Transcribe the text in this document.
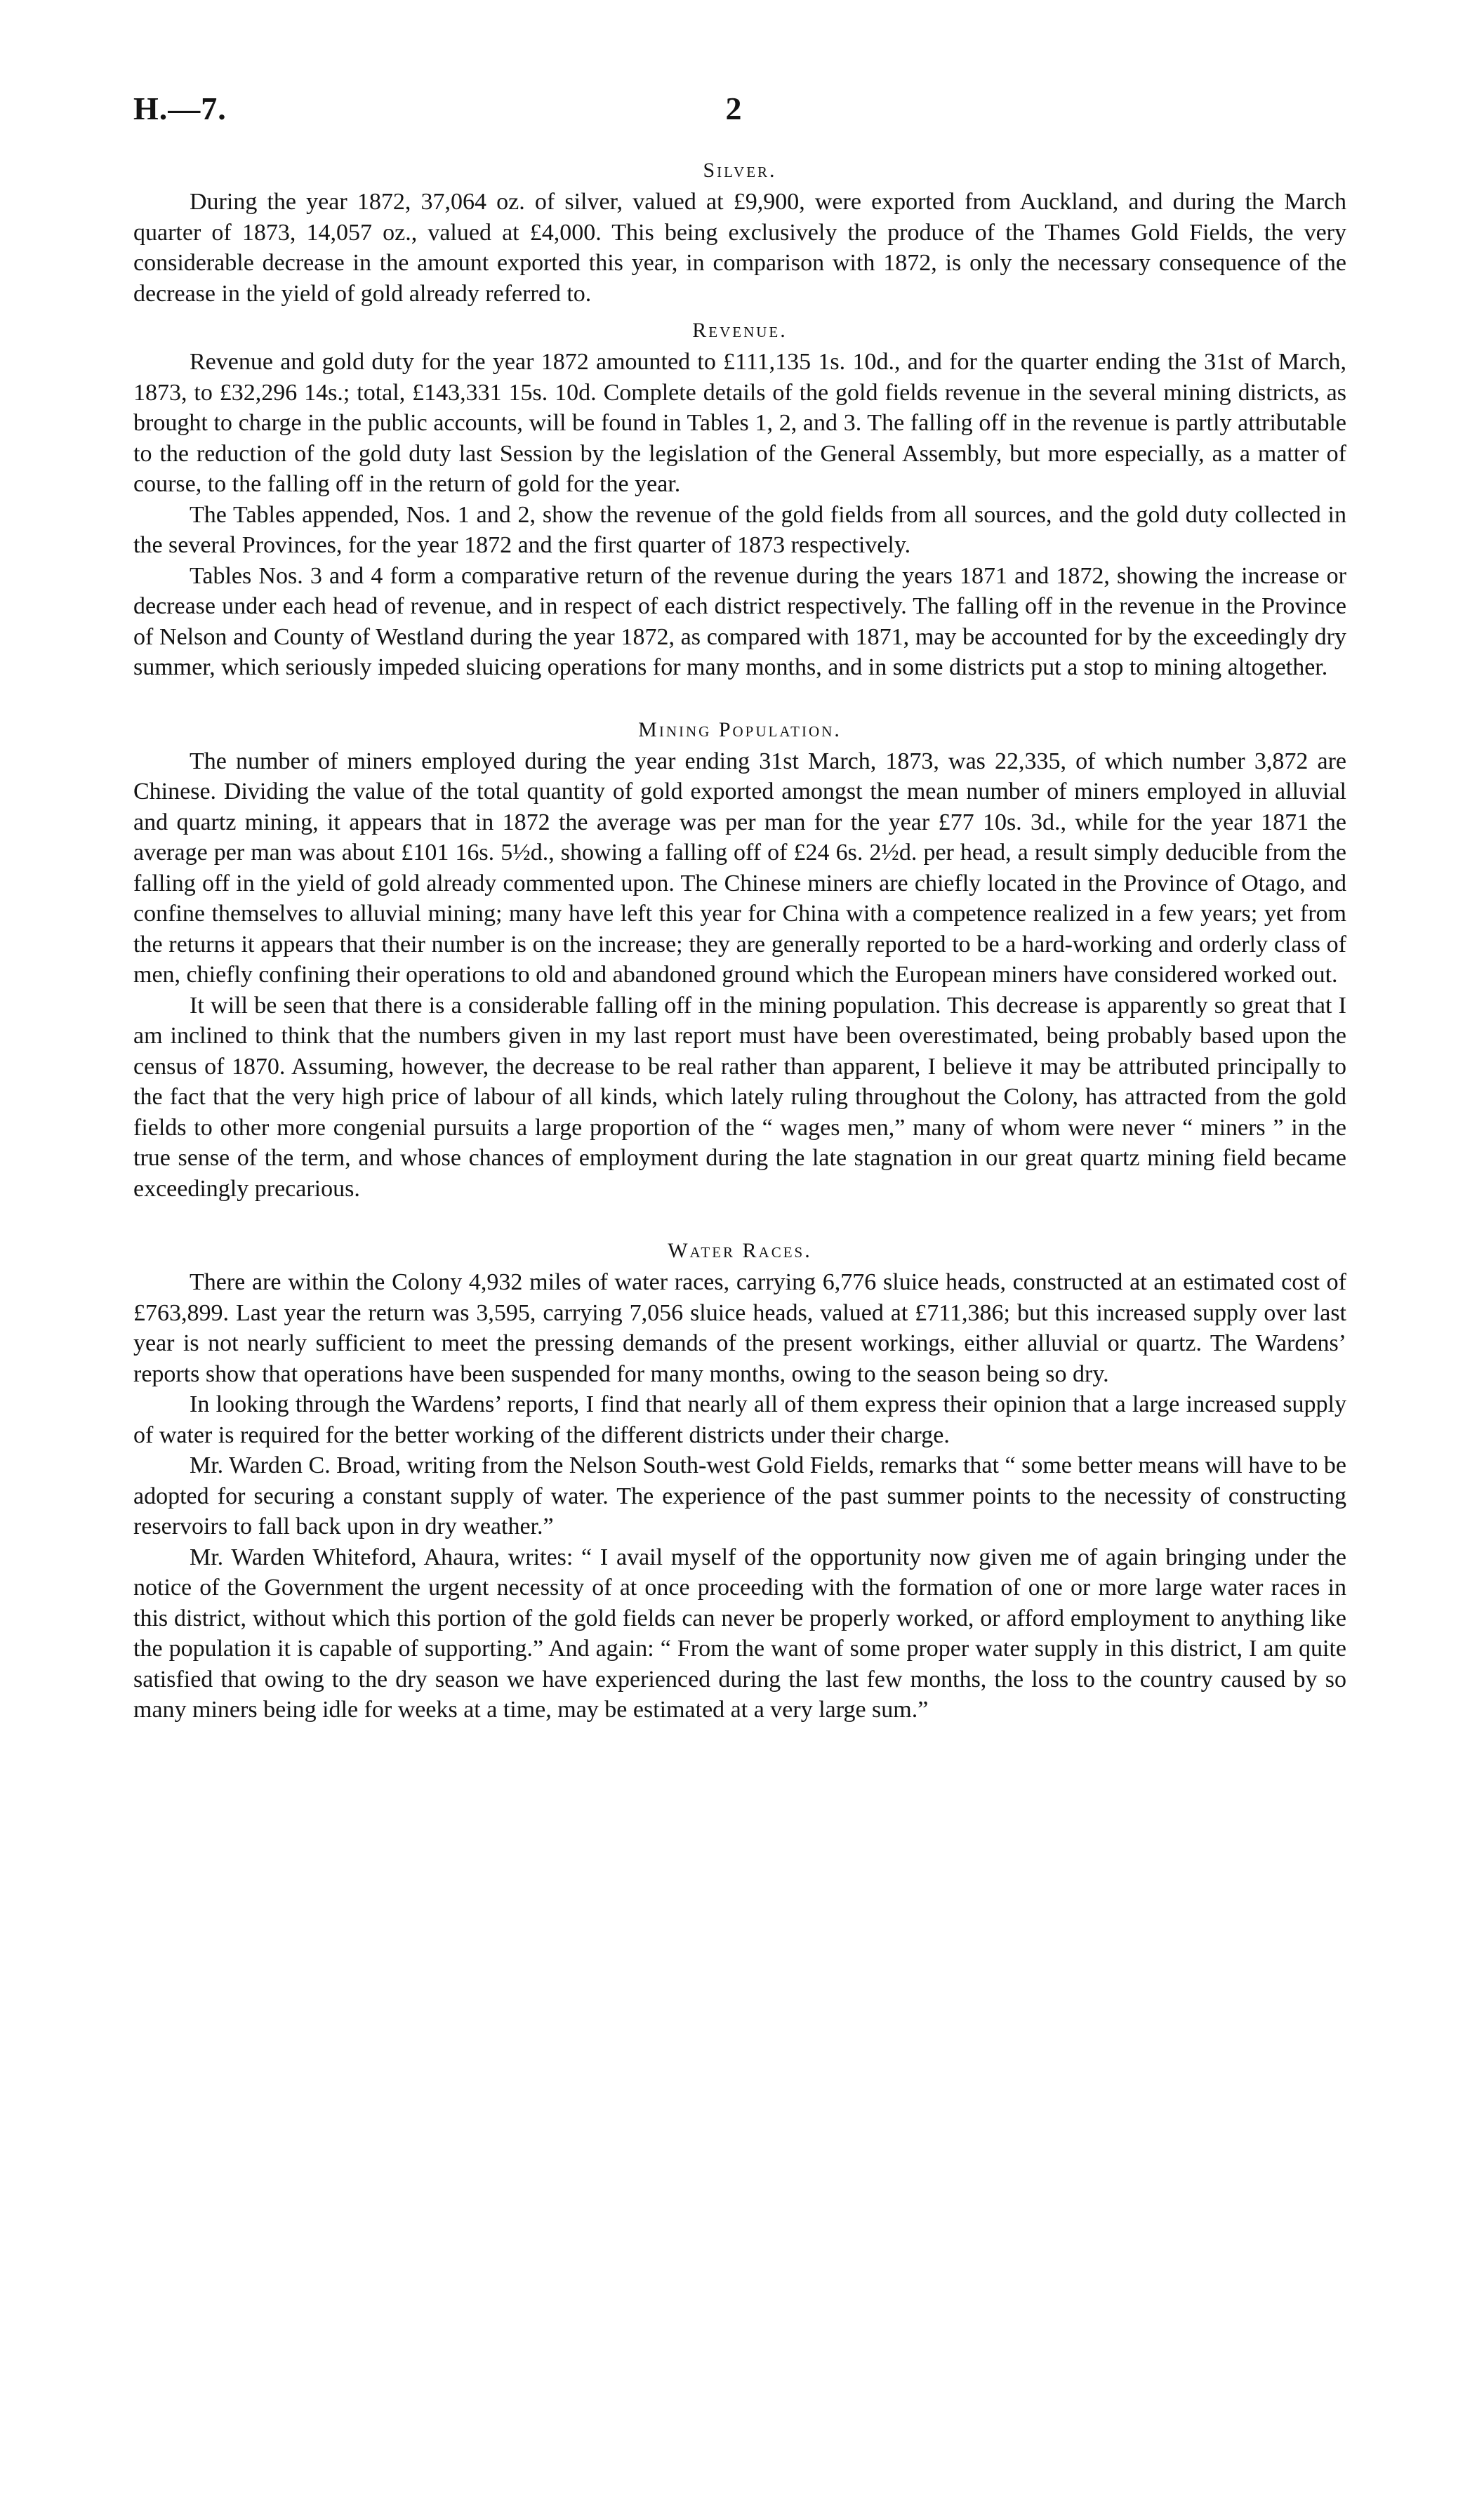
H.—7.	2
Silver.

During the year 1872, 37,064 oz. of silver, valued at £9,900, were exported from Auckland, and during the March quarter of 1873, 14,057 oz., valued at £4,000. This being exclusively the produce of the Thames Gold Fields, the very considerable decrease in the amount exported this year, in comparison with 1872, is only the necessary consequence of the decrease in the yield of gold already referred to.

Revenue.

Revenue and gold duty for the year 1872 amounted to £111,135 1s. 10d., and for the quarter ending the 31st of March, 1873, to £32,296 14s.; total, £143,331 15s. 10d. Complete details of the gold fields revenue in the several mining districts, as brought to charge in the public accounts, will be found in Tables 1, 2, and 3. The falling off in the revenue is partly attributable to the reduction of the gold duty last Session by the legislation of the General Assembly, but more especially, as a matter of course, to the falling off in the return of gold for the year.

The Tables appended, Nos. 1 and 2, show the revenue of the gold fields from all sources, and the gold duty collected in the several Provinces, for the year 1872 and the first quarter of 1873 respectively.

Tables Nos. 3 and 4 form a comparative return of the revenue during the years 1871 and 1872, showing the increase or decrease under each head of revenue, and in respect of each district respectively. The falling off in the revenue in the Province of Nelson and County of Westland during the year 1872, as compared with 1871, may be accounted for by the exceedingly dry summer, which seriously impeded sluicing operations for many months, and in some districts put a stop to mining altogether.

Mining Population.

The number of miners employed during the year ending 31st March, 1873, was 22,335, of which number 3,872 are Chinese. Dividing the value of the total quantity of gold exported amongst the mean number of miners employed in alluvial and quartz mining, it appears that in 1872 the average was per man for the year £77 10s. 3d., while for the year 1871 the average per man was about £101 16s. 5½d., showing a falling off of £24 6s. 2½d. per head, a result simply deducible from the falling off in the yield of gold already commented upon. The Chinese miners are chiefly located in the Province of Otago, and confine themselves to alluvial mining; many have left this year for China with a competence realized in a few years; yet from the returns it appears that their number is on the increase; they are generally reported to be a hard-working and orderly class of men, chiefly confining their operations to old and abandoned ground which the European miners have considered worked out.

It will be seen that there is a considerable falling off in the mining population. This decrease is apparently so great that I am inclined to think that the numbers given in my last report must have been overestimated, being probably based upon the census of 1870. Assuming, however, the decrease to be real rather than apparent, I believe it may be attributed principally to the fact that the very high price of labour of all kinds, which lately ruling throughout the Colony, has attracted from the gold fields to other more congenial pursuits a large proportion of the “ wages men,” many of whom were never “ miners ” in the true sense of the term, and whose chances of employment during the late stagnation in our great quartz mining field became exceedingly precarious.

Water Races.

There are within the Colony 4,932 miles of water races, carrying 6,776 sluice heads, constructed at an estimated cost of £763,899. Last year the return was 3,595, carrying 7,056 sluice heads, valued at £711,386; but this increased supply over last year is not nearly sufficient to meet the pressing demands of the present workings, either alluvial or quartz. The Wardens’ reports show that operations have been suspended for many months, owing to the season being so dry.

In looking through the Wardens’ reports, I find that nearly all of them express their opinion that a large increased supply of water is required for the better working of the different districts under their charge.

Mr. Warden C. Broad, writing from the Nelson South-west Gold Fields, remarks that “ some better means will have to be adopted for securing a constant supply of water. The experience of the past summer points to the necessity of constructing reservoirs to fall back upon in dry weather.”

Mr. Warden Whiteford, Ahaura, writes: “ I avail myself of the opportunity now given me of again bringing under the notice of the Government the urgent necessity of at once proceeding with the formation of one or more large water races in this district, without which this portion of the gold fields can never be properly worked, or afford employment to anything like the population it is capable of supporting.” And again: “ From the want of some proper water supply in this district, I am quite satisfied that owing to the dry season we have experienced during the last few months, the loss to the country caused by so many miners being idle for weeks at a time, may be estimated at a very large sum.”
